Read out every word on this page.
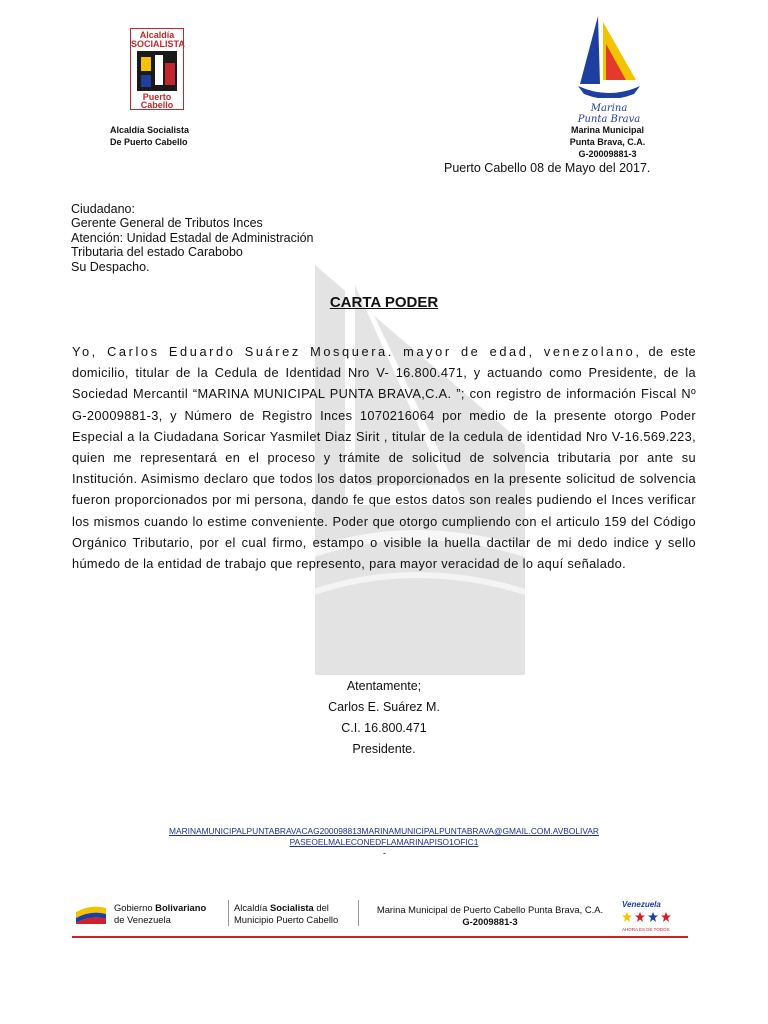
Alcaldía SOCIALISTA
Puerto Cabello	Marina Punta Brava
Alcaldía Socialista
De Puerto Cabello
Marina Municipal
Punta Brava, C.A.
G-20009881-3
Puerto Cabello 08 de Mayo del 2017.
Ciudadano:
Gerente General de Tributos Inces
Atención: Unidad Estadal de Administración
Tributaria del estado Carabobo
Su Despacho.
CARTA PODER
Yo, Carlos Eduardo Suárez Mosquera. mayor de edad, venezolano, de este domicilio, titular de la Cedula de Identidad Nro V- 16.800.471, y actuando como Presidente, de la Sociedad Mercantil “MARINA MUNICIPAL PUNTA BRAVA,C.A. ”; con registro de información Fiscal Nº G-20009881-3, y Número de Registro Inces 1070216064 por medio de la presente otorgo Poder Especial a la Ciudadana Soricar Yasmilet Diaz Sirit , titular de la cedula de identidad Nro V-16.569.223, quien me representará en el proceso y trámite de solicitud de solvencia tributaria por ante su Institución. Asimismo declaro que todos los datos proporcionados en la presente solicitud de solvencia fueron proporcionados por mi persona, dando fe que estos datos son reales pudiendo el Inces verificar los mismos cuando lo estime conveniente. Poder que otorgo cumpliendo con el articulo 159 del Código Orgánico Tributario, por el cual firmo, estampo o visible la huella dactilar de mi dedo indice y sello húmedo de la entidad de trabajo que represento, para mayor veracidad de lo aquí señalado.
Atentamente;
Carlos E. Suárez M.
C.I. 16.800.471
Presidente.
MARINAMUNICIPALPUNTABRAVACAG200098813MARINAMUNICIPALPUNTABRAVA@GMAIL.COM.AVBOLIVAR
PASEOELMALECONEDFLAMARINAPISO1OFIC1
-
Gobierno Bolivariano
de Venezuela
Alcaldía Socialista del
Municipio Puerto Cabello
Marina Municipal de Puerto Cabello Punta Brava, C.A.
G-2009881-3
Venezuela
AHORA ES DE TODOS
